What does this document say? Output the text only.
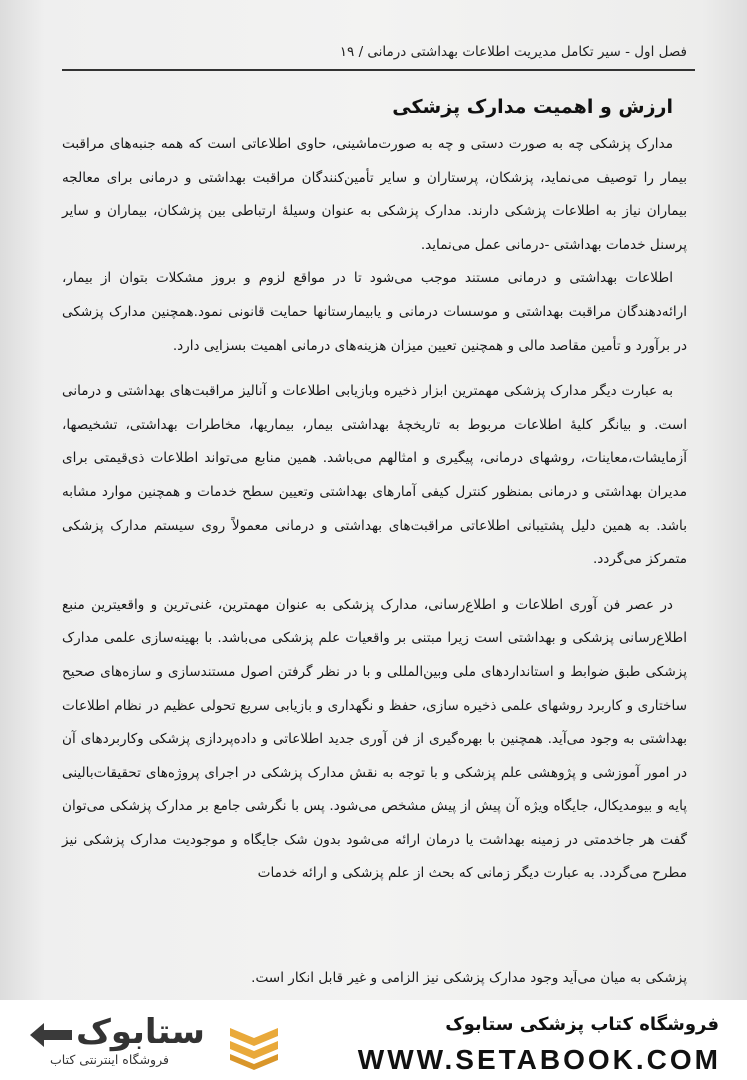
فصل اول - سیر تکامل مدیریت اطلاعات بهداشتی درمانی / ۱۹
ارزش و اهمیت مدارک پزشکی

مدارک پزشکی چه به صورت دستی و چه به صورت‌ماشینی، حاوی اطلاعاتی است که همه جنبه‌های مراقبت بیمار را توصیف می‌نماید، پزشکان، پرستاران و سایر تأمین‌کنندگان مراقبت بهداشتی و درمانی برای معالجه بیماران نیاز به اطلاعات پزشکی دارند. مدارک پزشکی به عنوان وسیلهٔ ارتباطی بین پزشکان، بیماران و سایر پرسنل خدمات بهداشتی -درمانی عمل می‌نماید.

اطلاعات بهداشتی و درمانی مستند موجب می‌شود تا در مواقع لزوم و بروز مشکلات بتوان از بیمار، ارائه‌دهندگان مراقبت بهداشتی و موسسات درمانی و یابیمارستانها حمایت قانونی نمود.همچنین مدارک پزشکی در برآورد و تأمین مقاصد مالی و همچنین تعیین میزان هزینه‌های درمانی اهمیت بسزایی دارد.

به عبارت دیگر مدارک پزشکی مهمترین ابزار ذخیره وبازیابی اطلاعات و آنالیز مراقبت‌های بهداشتی و درمانی است. و بیانگر کلیهٔ اطلاعات مربوط به تاریخچهٔ بهداشتی بیمار، بیماریها، مخاطرات بهداشتی، تشخیصها، آزمایشات،معاینات، روشهای درمانی، پیگیری و امثالهم می‌باشد. همین منابع می‌تواند اطلاعات ذی‌قیمتی برای مدیران بهداشتی و درمانی بمنظور کنترل کیفی آمارهای بهداشتی وتعیین سطح خدمات و همچنین موارد مشابه باشد. به همین دلیل پشتیبانی اطلاعاتی مراقبت‌های بهداشتی و درمانی معمولاً روی سیستم مدارک پزشکی متمرکز می‌گردد.

در عصر فن آوری اطلاعات و اطلاع‌رسانی، مدارک پزشکی به عنوان مهمترین، غنی‌ترین و واقعیترین منبع اطلاع‌رسانی پزشکی و بهداشتی است زیرا مبتنی بر واقعیات علم پزشکی می‌باشد. با بهینه‌سازی علمی مدارک پزشکی طبق ضوابط و استانداردهای ملی وبین‌المللی و با در نظر گرفتن اصول مستندسازی و سازه‌های صحیح ساختاری و کاربرد روشهای علمی ذخیره سازی، حفظ و نگهداری و بازیابی سریع تحولی عظیم در نظام اطلاعات بهداشتی به وجود می‌آید. همچنین با بهره‌گیری از فن آوری جدید اطلاعاتی و داده‌پردازی پزشکی وکاربردهای آن در امور آموزشی و پژوهشی علم پزشکی و با توجه به نقش مدارک پزشکی در اجرای پروژه‌های تحقیقات‌بالینی پایه و بیومدیکال، جایگاه ویژه آن پیش از پیش مشخص می‌شود. پس با نگرشی جامع بر مدارک پزشکی می‌توان گفت هر جاخدمتی در زمینه بهداشت یا درمان ارائه می‌شود بدون شک جایگاه و موجودیت مدارک پزشکی نیز مطرح می‌گردد. به عبارت دیگر زمانی که بحث از علم پزشکی و ارائه خدمات

پزشکی به میان می‌آید وجود مدارک پزشکی نیز الزامی و غیر قابل انکار است.
فروشگاه کتاب پزشکی ستابوک
WWW.SETABOOK.COM
ستابوک
فروشگاه اینترنتی کتاب
